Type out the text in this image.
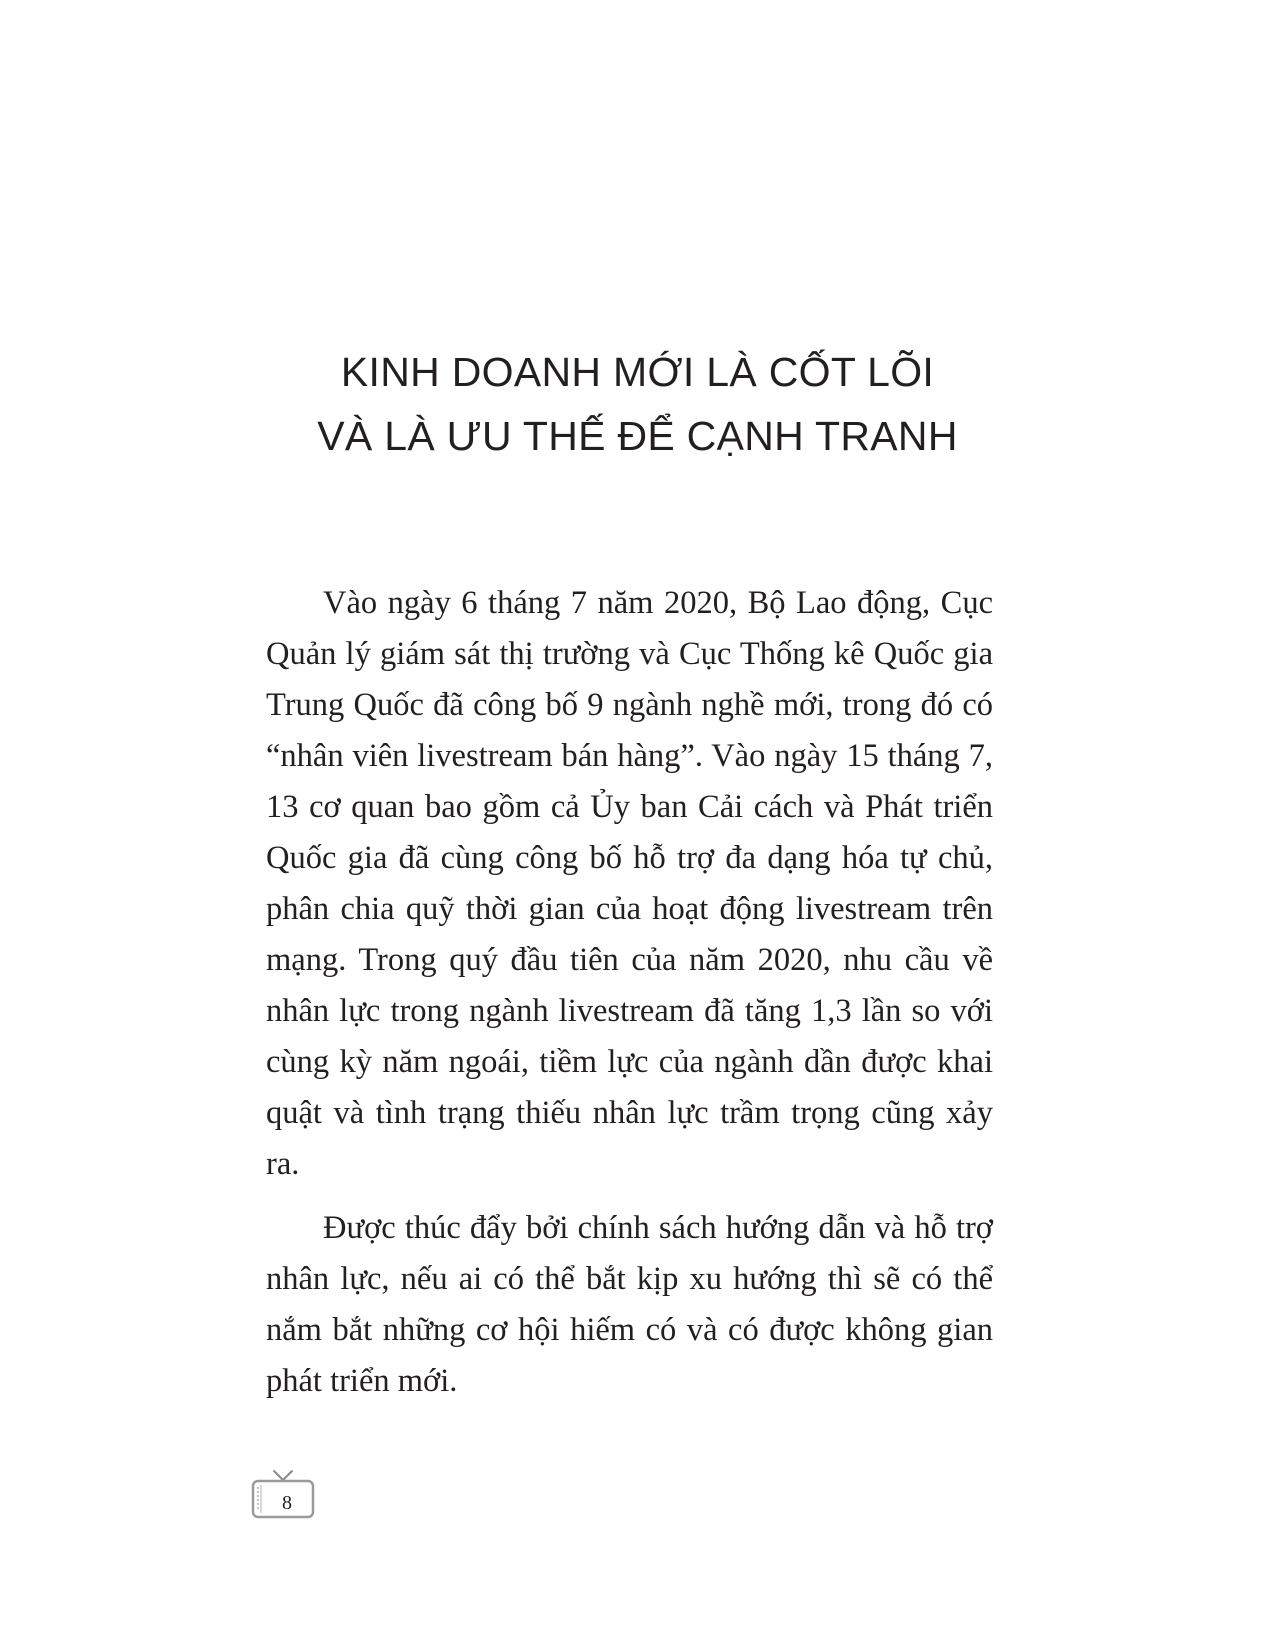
KINH DOANH MỚI LÀ CỐT LÕI
VÀ LÀ ƯU THẾ ĐỂ CẠNH TRANH

Vào ngày 6 tháng 7 năm 2020, Bộ Lao động, Cục Quản lý giám sát thị trường và Cục Thống kê Quốc gia Trung Quốc đã công bố 9 ngành nghề mới, trong đó có “nhân viên livestream bán hàng”. Vào ngày 15 tháng 7, 13 cơ quan bao gồm cả Ủy ban Cải cách và Phát triển Quốc gia đã cùng công bố hỗ trợ đa dạng hóa tự chủ, phân chia quỹ thời gian của hoạt động livestream trên mạng. Trong quý đầu tiên của năm 2020, nhu cầu về nhân lực trong ngành livestream đã tăng 1,3 lần so với cùng kỳ năm ngoái, tiềm lực của ngành dần được khai quật và tình trạng thiếu nhân lực trầm trọng cũng xảy ra.

Được thúc đẩy bởi chính sách hướng dẫn và hỗ trợ nhân lực, nếu ai có thể bắt kịp xu hướng thì sẽ có thể nắm bắt những cơ hội hiếm có và có được không gian phát triển mới.

8
